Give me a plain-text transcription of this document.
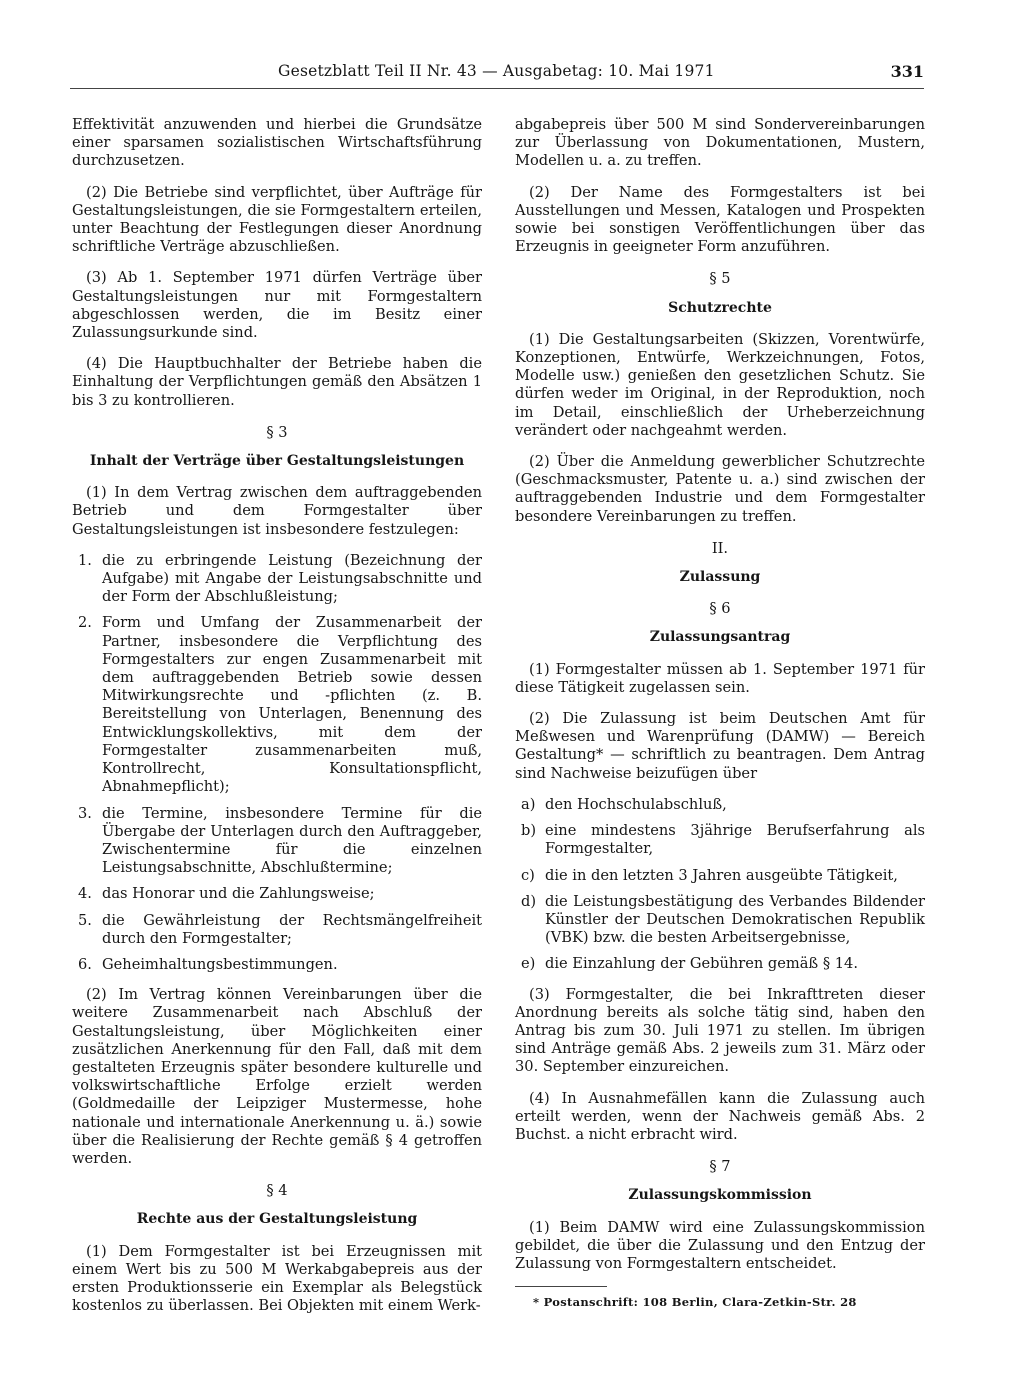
Gesetzblatt Teil II Nr. 43 — Ausgabetag: 10. Mai 1971	331

Effektivität anzuwenden und hierbei die Grundsätze einer sparsamen sozialistischen Wirtschaftsführung durchzusetzen.

(2) Die Betriebe sind verpflichtet, über Aufträge für Gestaltungsleistungen, die sie Formgestaltern erteilen, unter Beachtung der Festlegungen dieser Anordnung schriftliche Verträge abzuschließen.

(3) Ab 1. September 1971 dürfen Verträge über Gestaltungsleistungen nur mit Formgestaltern abgeschlossen werden, die im Besitz einer Zulassungsurkunde sind.

(4) Die Hauptbuchhalter der Betriebe haben die Einhaltung der Verpflichtungen gemäß den Absätzen 1 bis 3 zu kontrollieren.

§ 3
Inhalt der Verträge über Gestaltungsleistungen

(1) In dem Vertrag zwischen dem auftraggebenden Betrieb und dem Formgestalter über Gestaltungsleistungen ist insbesondere festzulegen:

1. die zu erbringende Leistung (Bezeichnung der Aufgabe) mit Angabe der Leistungsabschnitte und der Form der Abschlußleistung;
2. Form und Umfang der Zusammenarbeit der Partner, insbesondere die Verpflichtung des Formgestalters zur engen Zusammenarbeit mit dem auftraggebenden Betrieb sowie dessen Mitwirkungsrechte und -pflichten (z. B. Bereitstellung von Unterlagen, Benennung des Entwicklungskollektivs, mit dem der Formgestalter zusammenarbeiten muß, Kontrollrecht, Konsultationspflicht, Abnahmepflicht);
3. die Termine, insbesondere Termine für die Übergabe der Unterlagen durch den Auftraggeber, Zwischentermine für die einzelnen Leistungsabschnitte, Abschlußtermine;
4. das Honorar und die Zahlungsweise;
5. die Gewährleistung der Rechtsmängelfreiheit durch den Formgestalter;
6. Geheimhaltungsbestimmungen.

(2) Im Vertrag können Vereinbarungen über die weitere Zusammenarbeit nach Abschluß der Gestaltungsleistung, über Möglichkeiten einer zusätzlichen Anerkennung für den Fall, daß mit dem gestalteten Erzeugnis später besondere kulturelle und volkswirtschaftliche Erfolge erzielt werden (Goldmedaille der Leipziger Mustermesse, hohe nationale und internationale Anerkennung u. ä.) sowie über die Realisierung der Rechte gemäß § 4 getroffen werden.

§ 4
Rechte aus der Gestaltungsleistung

(1) Dem Formgestalter ist bei Erzeugnissen mit einem Wert bis zu 500 M Werkabgabepreis aus der ersten Produktionsserie ein Exemplar als Belegstück kostenlos zu überlassen. Bei Objekten mit einem Werk-

abgabepreis über 500 M sind Sondervereinbarungen zur Überlassung von Dokumentationen, Mustern, Modellen u. a. zu treffen.

(2) Der Name des Formgestalters ist bei Ausstellungen und Messen, Katalogen und Prospekten sowie bei sonstigen Veröffentlichungen über das Erzeugnis in geeigneter Form anzuführen.

§ 5
Schutzrechte

(1) Die Gestaltungsarbeiten (Skizzen, Vorentwürfe, Konzeptionen, Entwürfe, Werkzeichnungen, Fotos, Modelle usw.) genießen den gesetzlichen Schutz. Sie dürfen weder im Original, in der Reproduktion, noch im Detail, einschließlich der Urheberzeichnung verändert oder nachgeahmt werden.

(2) Über die Anmeldung gewerblicher Schutzrechte (Geschmacksmuster, Patente u. a.) sind zwischen der auftraggebenden Industrie und dem Formgestalter besondere Vereinbarungen zu treffen.

II.
Zulassung
§ 6
Zulassungsantrag

(1) Formgestalter müssen ab 1. September 1971 für diese Tätigkeit zugelassen sein.

(2) Die Zulassung ist beim Deutschen Amt für Meßwesen und Warenprüfung (DAMW) — Bereich Gestaltung* — schriftlich zu beantragen. Dem Antrag sind Nachweise beizufügen über

a) den Hochschulabschluß,
b) eine mindestens 3jährige Berufserfahrung als Formgestalter,
c) die in den letzten 3 Jahren ausgeübte Tätigkeit,
d) die Leistungsbestätigung des Verbandes Bildender Künstler der Deutschen Demokratischen Republik (VBK) bzw. die besten Arbeitsergebnisse,
e) die Einzahlung der Gebühren gemäß § 14.

(3) Formgestalter, die bei Inkrafttreten dieser Anordnung bereits als solche tätig sind, haben den Antrag bis zum 30. Juli 1971 zu stellen. Im übrigen sind Anträge gemäß Abs. 2 jeweils zum 31. März oder 30. September einzureichen.

(4) In Ausnahmefällen kann die Zulassung auch erteilt werden, wenn der Nachweis gemäß Abs. 2 Buchst. a nicht erbracht wird.

§ 7
Zulassungskommission

(1) Beim DAMW wird eine Zulassungskommission gebildet, die über die Zulassung und den Entzug der Zulassung von Formgestaltern entscheidet.

* Postanschrift: 108 Berlin, Clara-Zetkin-Str. 28
